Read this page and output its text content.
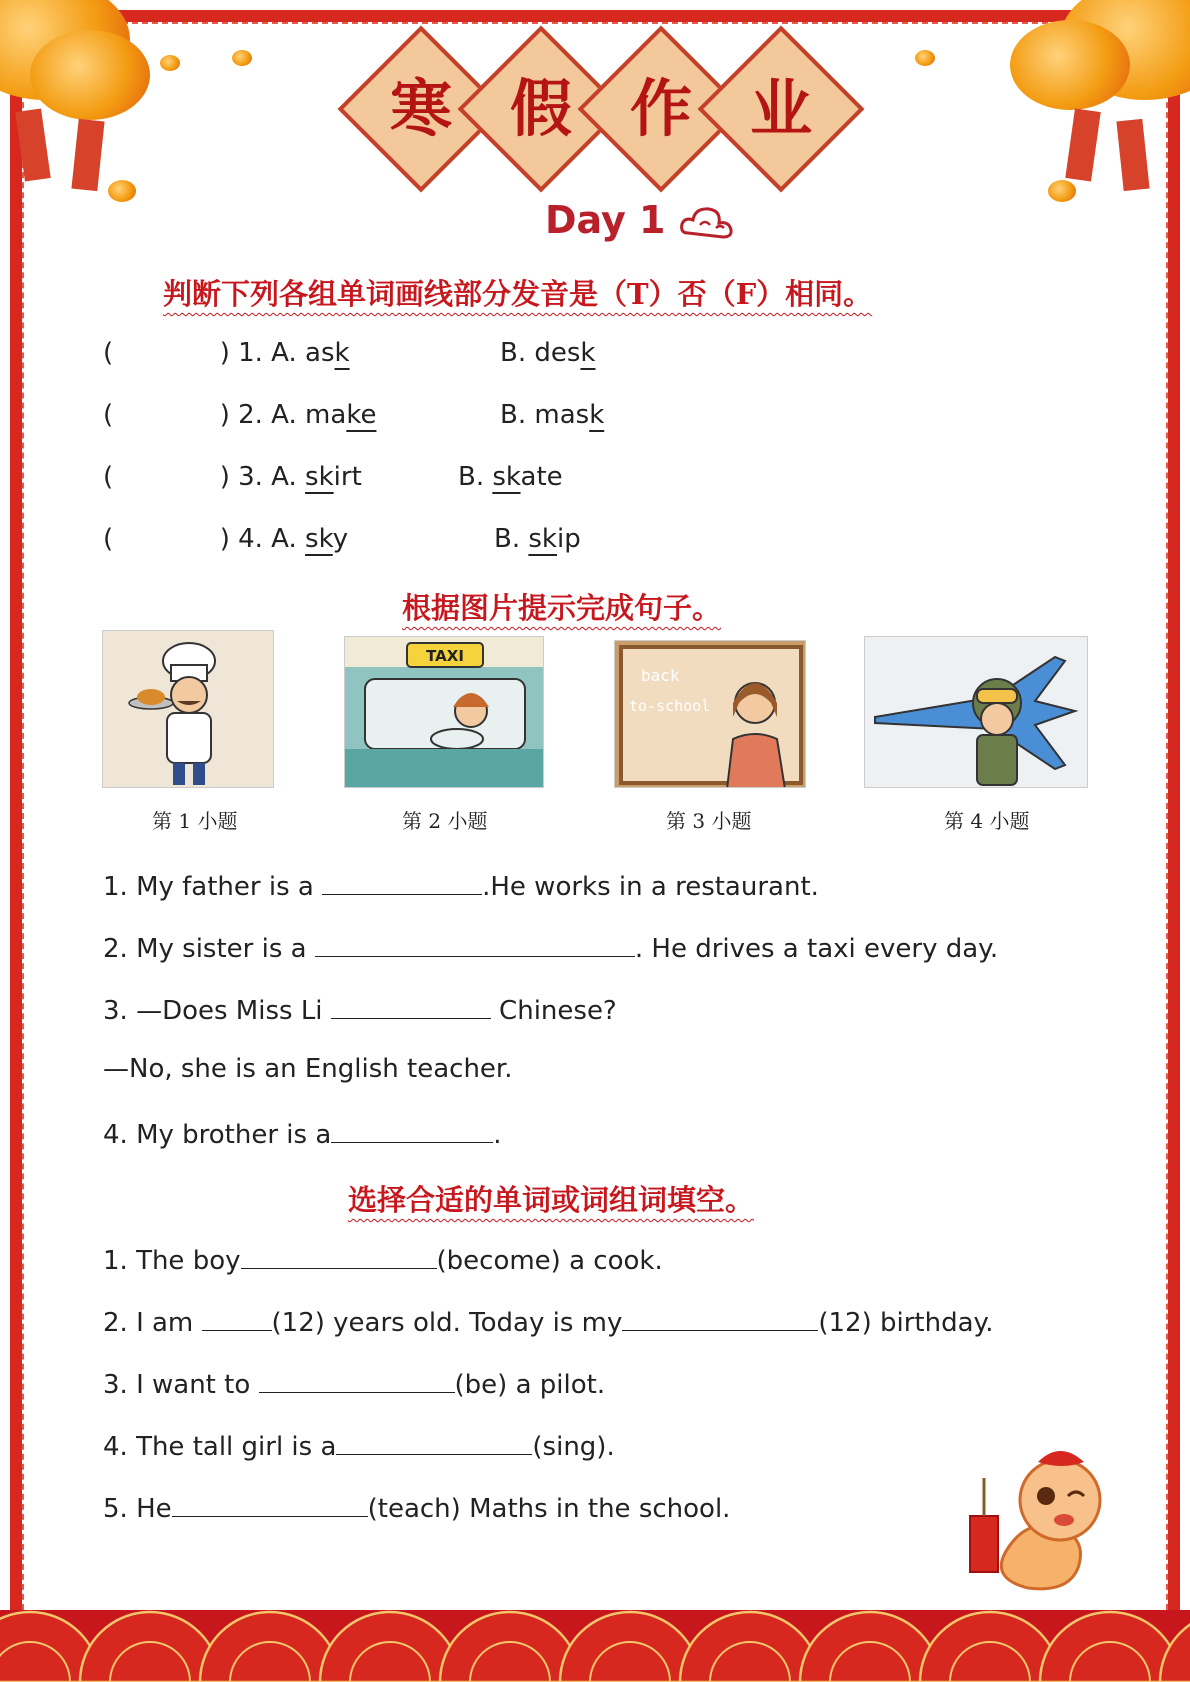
寒 假 作 业
Day 1
判断下列各组单词画线部分发音是（T）否（F）相同。
(	) 1. A. ask	B. desk
(	) 2. A. make	B. mask
(	) 3. A. skirt	B. skate
(	) 4. A. sky	B. skip
根据图片提示完成句子。
第 1 小题
TAXI
第 2 小题
back
to-school
第 3 小题	第 4 小题
1. My father is a	.He works in a restaurant.
2. My sister is a	. He drives a taxi every day.
3. —Does Miss Li	Chinese?
—No, she is an English teacher.
4. My brother is a	.
选择合适的单词或词组词填空。
1. The boy	(become) a cook.
2. I am	(12) years old. Today is my	(12) birthday.
3. I want to	(be) a pilot.
4. The tall girl is a	(sing).
5. He	(teach) Maths in the school.
